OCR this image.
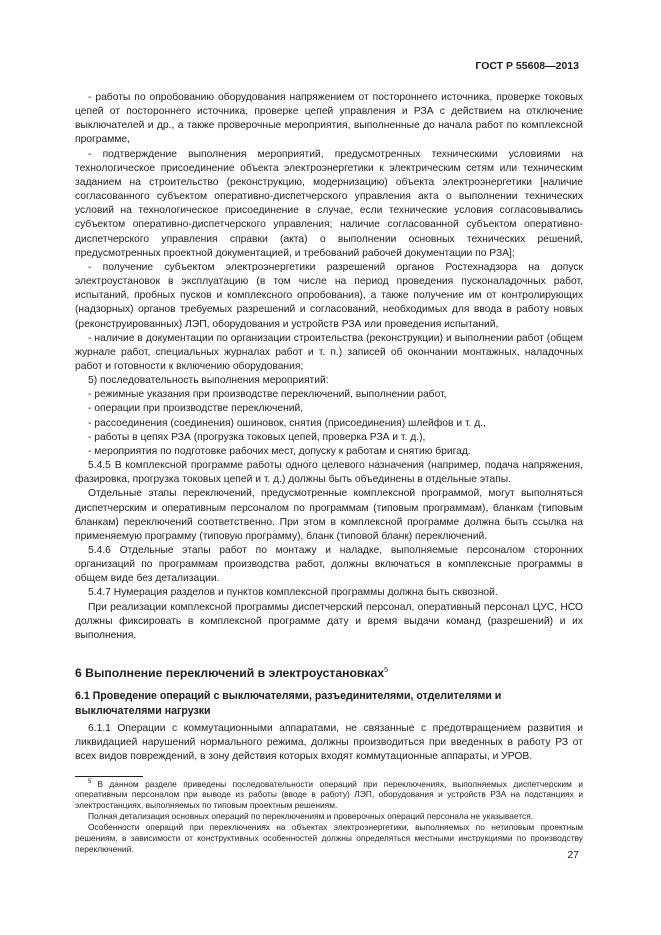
ГОСТ Р 55608—2013

- работы по опробованию оборудования напряжением от постороннего источника, проверке токовых цепей от постороннего источника, проверке цепей управления и РЗА с действием на отключение выключателей и др., а также проверочные мероприятия, выполненные до начала работ по комплексной программе,

- подтверждение выполнения мероприятий, предусмотренных техническими условиями на технологическое присоединение объекта электроэнергетики к электрическим сетям или техническим заданием на строительство (реконструкцию, модернизацию) объекта электроэнергетики [наличие согласованного субъектом оперативно-диспетчерского управления акта о выполнении технических условий на технологическое присоединение в случае, если технические условия согласовывались субъектом оперативно-диспетчерского управления; наличие согласованной субъектом оперативно-диспетчерского управления справки (акта) о выполнении основных технических решений, предусмотренных проектной документацией, и требований рабочей документации по РЗА];

- получение субъектом электроэнергетики разрешений органов Ростехнадзора на допуск электроустановок в эксплуатацию (в том числе на период проведения пусконаладочных работ, испытаний, пробных пусков и комплексного опробования), а также получение им от контролирующих (надзорных) органов требуемых разрешений и согласований, необходимых для ввода в работу новых (реконструированных) ЛЭП, оборудования и устройств РЗА или проведения испытаний,

- наличие в документации по организации строительства (реконструкции) и выполнении работ (общем журнале работ, специальных журналах работ и т. п.) записей об окончании монтажных, наладочных работ и готовности к включению оборудования;

5) последовательность выполнения мероприятий:

- режимные указания при производстве переключений, выполнении работ,

- операции при производстве переключений,

- рассоединения (соединения) ошиновок, снятия (присоединения) шлейфов и т. д.,

- работы в цепях РЗА (прогрузка токовых цепей, проверка РЗА и т. д.),

- мероприятия по подготовке рабочих мест, допуску к работам и снятию бригад.

5.4.5 В комплексной программе работы одного целевого назначения (например, подача напряжения, фазировка, прогрузка токовых цепей и т. д.) должны быть объединены в отдельные этапы.

Отдельные этапы переключений, предусмотренные комплексной программой, могут выполняться диспетчерским и оперативным персоналом по программам (типовым программам), бланкам (типовым бланкам) переключений соответственно. При этом в комплексной программе должна быть ссылка на применяемую программу (типовую программу), бланк (типовой бланк) переключений.

5.4.6 Отдельные этапы работ по монтажу и наладке, выполняемые персоналом сторонних организаций по программам производства работ, должны включаться в комплексные программы в общем виде без детализации.

5.4.7 Нумерация разделов и пунктов комплексной программы должна быть сквозной.

При реализации комплексной программы диспетчерский персонал, оперативный персонал ЦУС, НСО должны фиксировать в комплексной программе дату и время выдачи команд (разрешений) и их выполнения.

6 Выполнение переключений в электроустановках$^5$
6.1 Проведение операций с выключателями, разъединителями, отделителями и выключателями нагрузки

6.1.1 Операции с коммутационными аппаратами, не связанные с предотвращением развития и ликвидацией нарушений нормального режима, должны производиться при введенных в работу РЗ от всех видов повреждений, в зону действия которых входят коммутационные аппараты, и УРОВ.

$^5$ В данном разделе приведены последовательности операций при переключениях, выполняемых диспетчерским и оперативным персоналом при выводе из работы (вводе в работу) ЛЭП, оборудования и устройств РЗА на подстанциях и электростанциях, выполняемых по типовым проектным решениям.

Полная детализация основных операций по переключениям и проверочных операций персонала не указывается.

Особенности операций при переключениях на объектах электроэнергетики, выполняемых по нетиповым проектным решениям, в зависимости от конструктивных особенностей должны определяться местными инструкциями по производству переключений.

27
